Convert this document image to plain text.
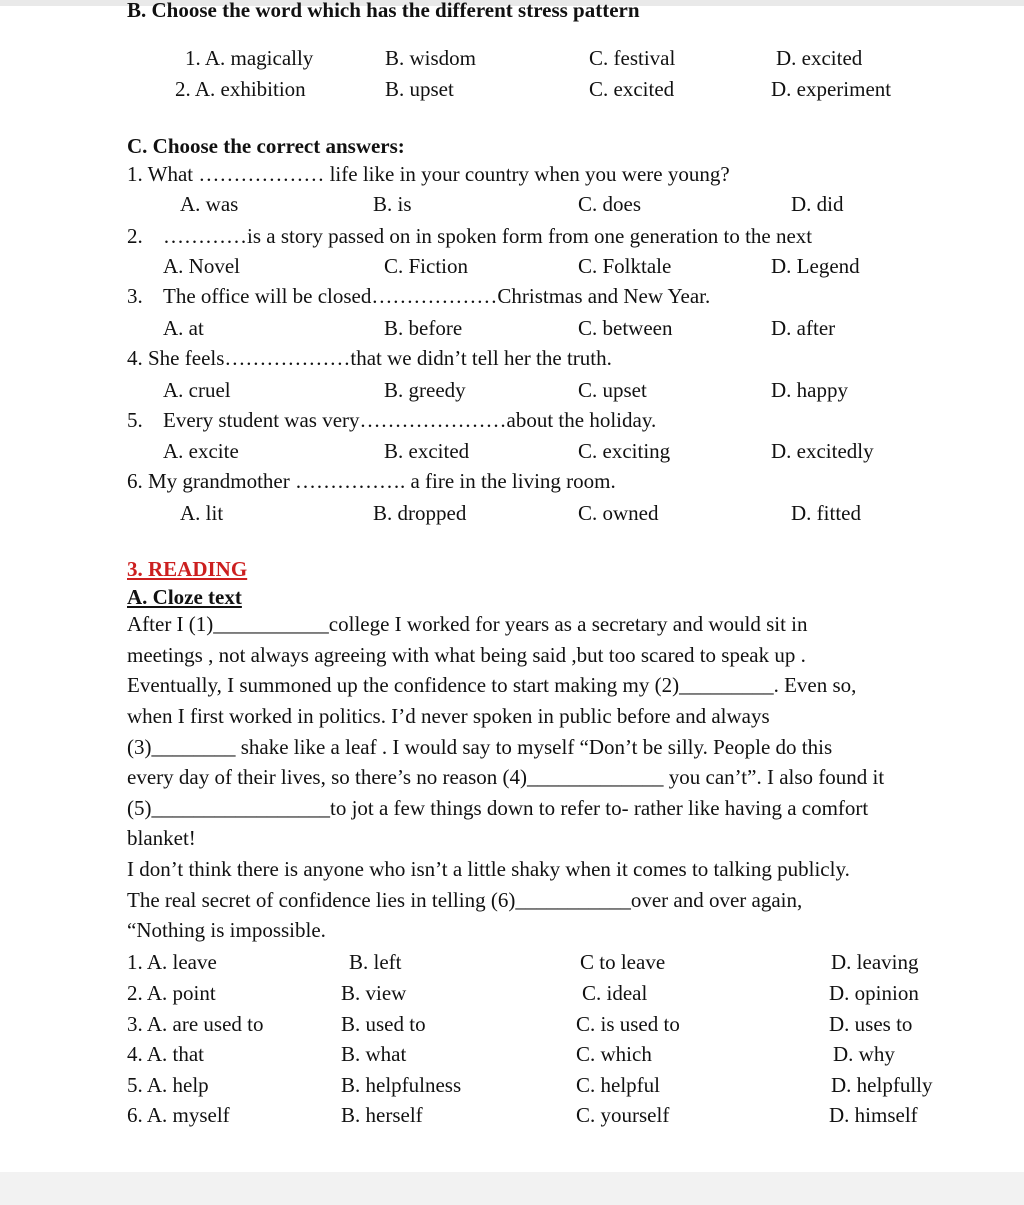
B. Choose the word which has the different stress pattern
1. A. magically	B. wisdom	C. festival	D. excited
2. A. exhibition	B. upset	C. excited	D. experiment
C. Choose the correct answers:
1. What ……………… life like in your country when you were young?
A. was	B. is	C. does	D. did
2. …………is a story passed on in spoken form from one generation to the next
A. Novel	C. Fiction	C. Folktale	D. Legend
3. The office will be closed………………Christmas and New Year.
A. at	B. before	C. between	D. after
4. She feels………………that we didn’t tell her the truth.
A. cruel	B. greedy	C. upset	D. happy
5. Every student was very…………………about the holiday.
A. excite	B. excited	C. exciting	D. excitedly
6. My grandmother ……………. a fire in the living room.
A. lit	B. dropped	C. owned	D. fitted
3. READING
A. Cloze text
After I (1)___________college I worked for years as a secretary and would sit in
meetings , not always agreeing with what being said ,but too scared to speak up .
Eventually, I summoned up the confidence to start making my (2)_________. Even so,
when I first worked in politics. I’d never spoken in public before and always
(3)________ shake like a leaf . I would say to myself “Don’t be silly. People do this
every day of their lives, so there’s no reason (4)_____________ you can’t”. I also found it
(5)_________________to jot a few things down to refer to- rather like having a comfort
blanket!
I don’t think there is anyone who isn’t a little shaky when it comes to talking publicly.
The real secret of confidence lies in telling (6)___________over and over again,
“Nothing is impossible.
1. A. leave	B. left	C to leave	D. leaving
2. A. point	B. view	C. ideal	D. opinion
3. A. are used to	B. used to	C. is used to	D. uses to
4. A. that	B. what	C. which	D. why
5. A. help	B. helpfulness	C. helpful	D. helpfully
6. A. myself	B. herself	C. yourself	D. himself
